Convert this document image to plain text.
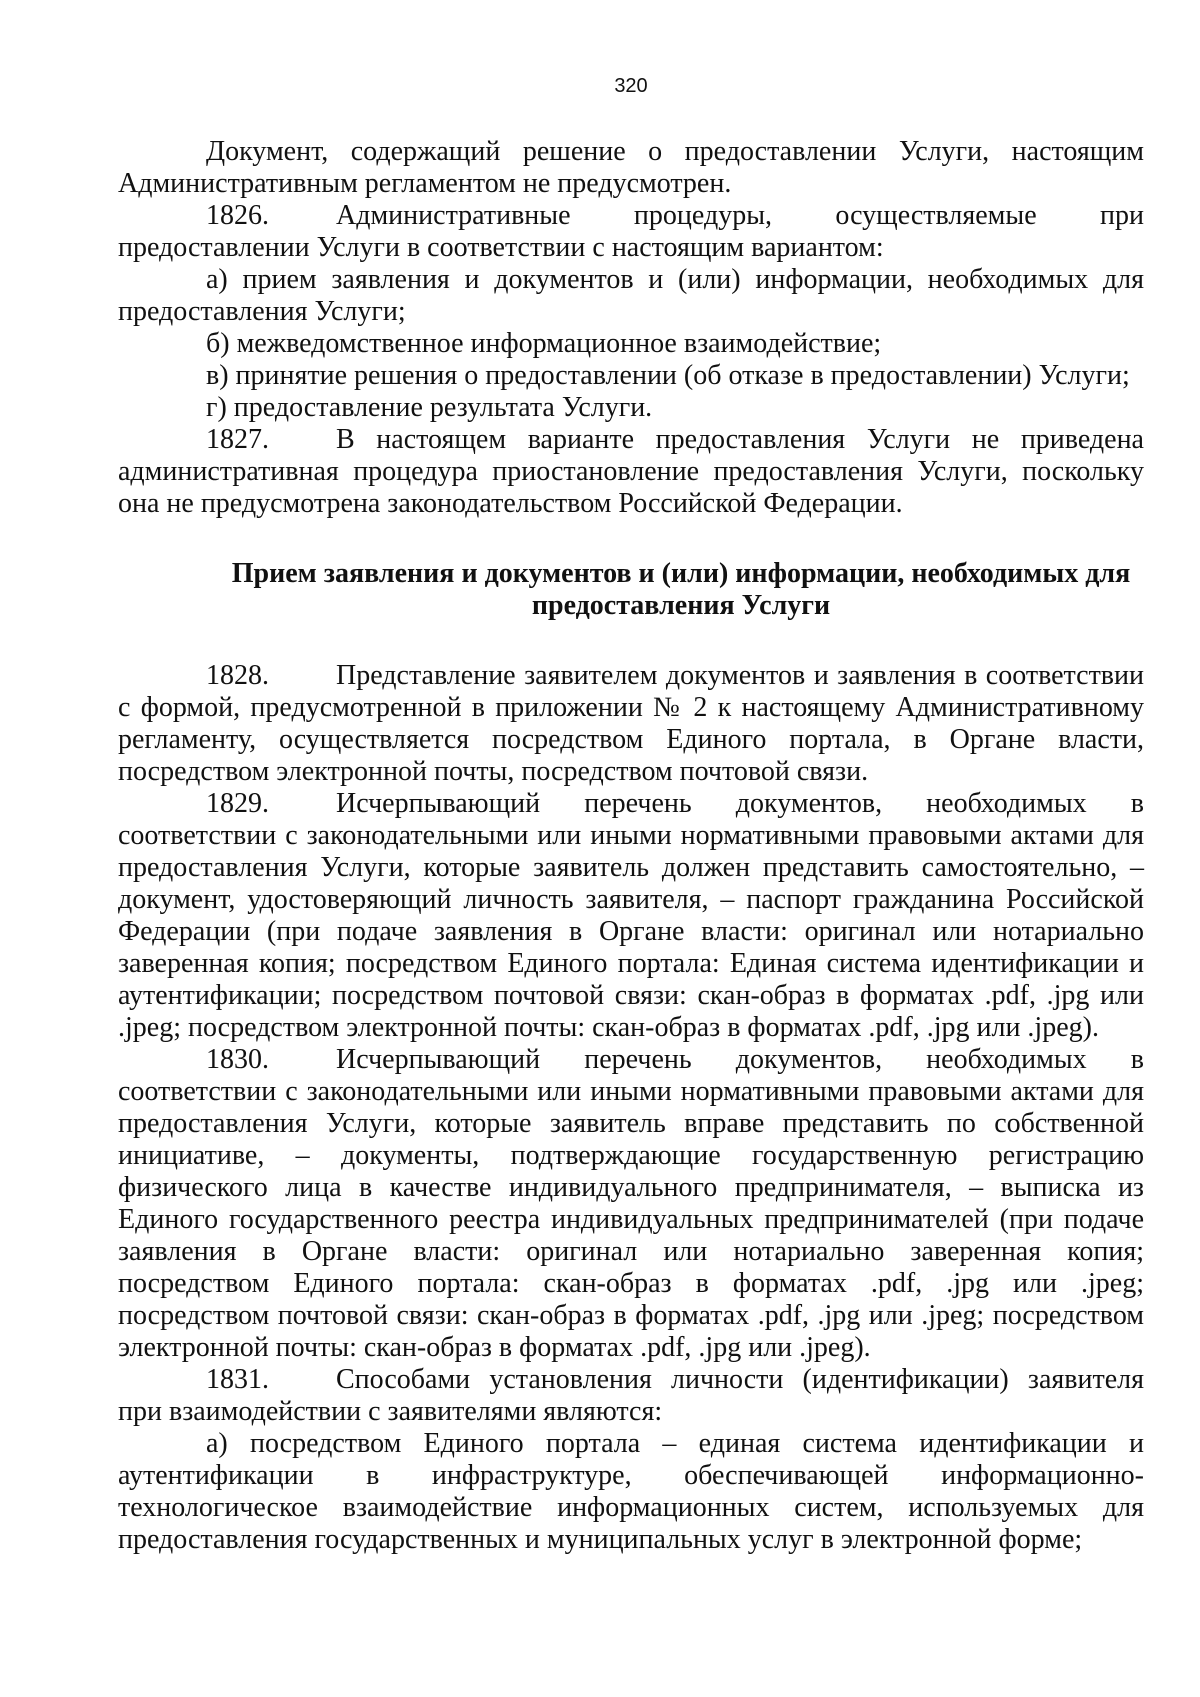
320

Документ, содержащий решение о предоставлении Услуги, настоящим Административным регламентом не предусмотрен.

1826. Административные процедуры, осуществляемые при предоставлении Услуги в соответствии с настоящим вариантом:

а) прием заявления и документов и (или) информации, необходимых для предоставления Услуги;

б) межведомственное информационное взаимодействие;

в) принятие решения о предоставлении (об отказе в предоставлении) Услуги;

г) предоставление результата Услуги.

1827. В настоящем варианте предоставления Услуги не приведена административная процедура приостановление предоставления Услуги, поскольку она не предусмотрена законодательством Российской Федерации.

Прием заявления и документов и (или) информации, необходимых для
предоставления Услуги

1828. Представление заявителем документов и заявления в соответствии с формой, предусмотренной в приложении № 2 к настоящему Административному регламенту, осуществляется посредством Единого портала, в Органе власти, посредством электронной почты, посредством почтовой связи.

1829. Исчерпывающий перечень документов, необходимых в соответствии с законодательными или иными нормативными правовыми актами для предоставления Услуги, которые заявитель должен представить самостоятельно, – документ, удостоверяющий личность заявителя, – паспорт гражданина Российской Федерации (при подаче заявления в Органе власти: оригинал или нотариально заверенная копия; посредством Единого портала: Единая система идентификации и аутентификации; посредством почтовой связи: скан-образ в форматах .pdf, .jpg или .jpeg; посредством электронной почты: скан-образ в форматах .pdf, .jpg или .jpeg).

1830. Исчерпывающий перечень документов, необходимых в соответствии с законодательными или иными нормативными правовыми актами для предоставления Услуги, которые заявитель вправе представить по собственной инициативе, – документы, подтверждающие государственную регистрацию физического лица в качестве индивидуального предпринимателя, – выписка из Единого государственного реестра индивидуальных предпринимателей (при подаче заявления в Органе власти: оригинал или нотариально заверенная копия; посредством Единого портала: скан-образ в форматах .pdf, .jpg или .jpeg; посредством почтовой связи: скан-образ в форматах .pdf, .jpg или .jpeg; посредством электронной почты: скан-образ в форматах .pdf, .jpg или .jpeg).

1831. Способами установления личности (идентификации) заявителя при взаимодействии с заявителями являются:

а) посредством Единого портала – единая система идентификации и аутентификации в инфраструктуре, обеспечивающей информационно-технологическое взаимодействие информационных систем, используемых для предоставления государственных и муниципальных услуг в электронной форме;
